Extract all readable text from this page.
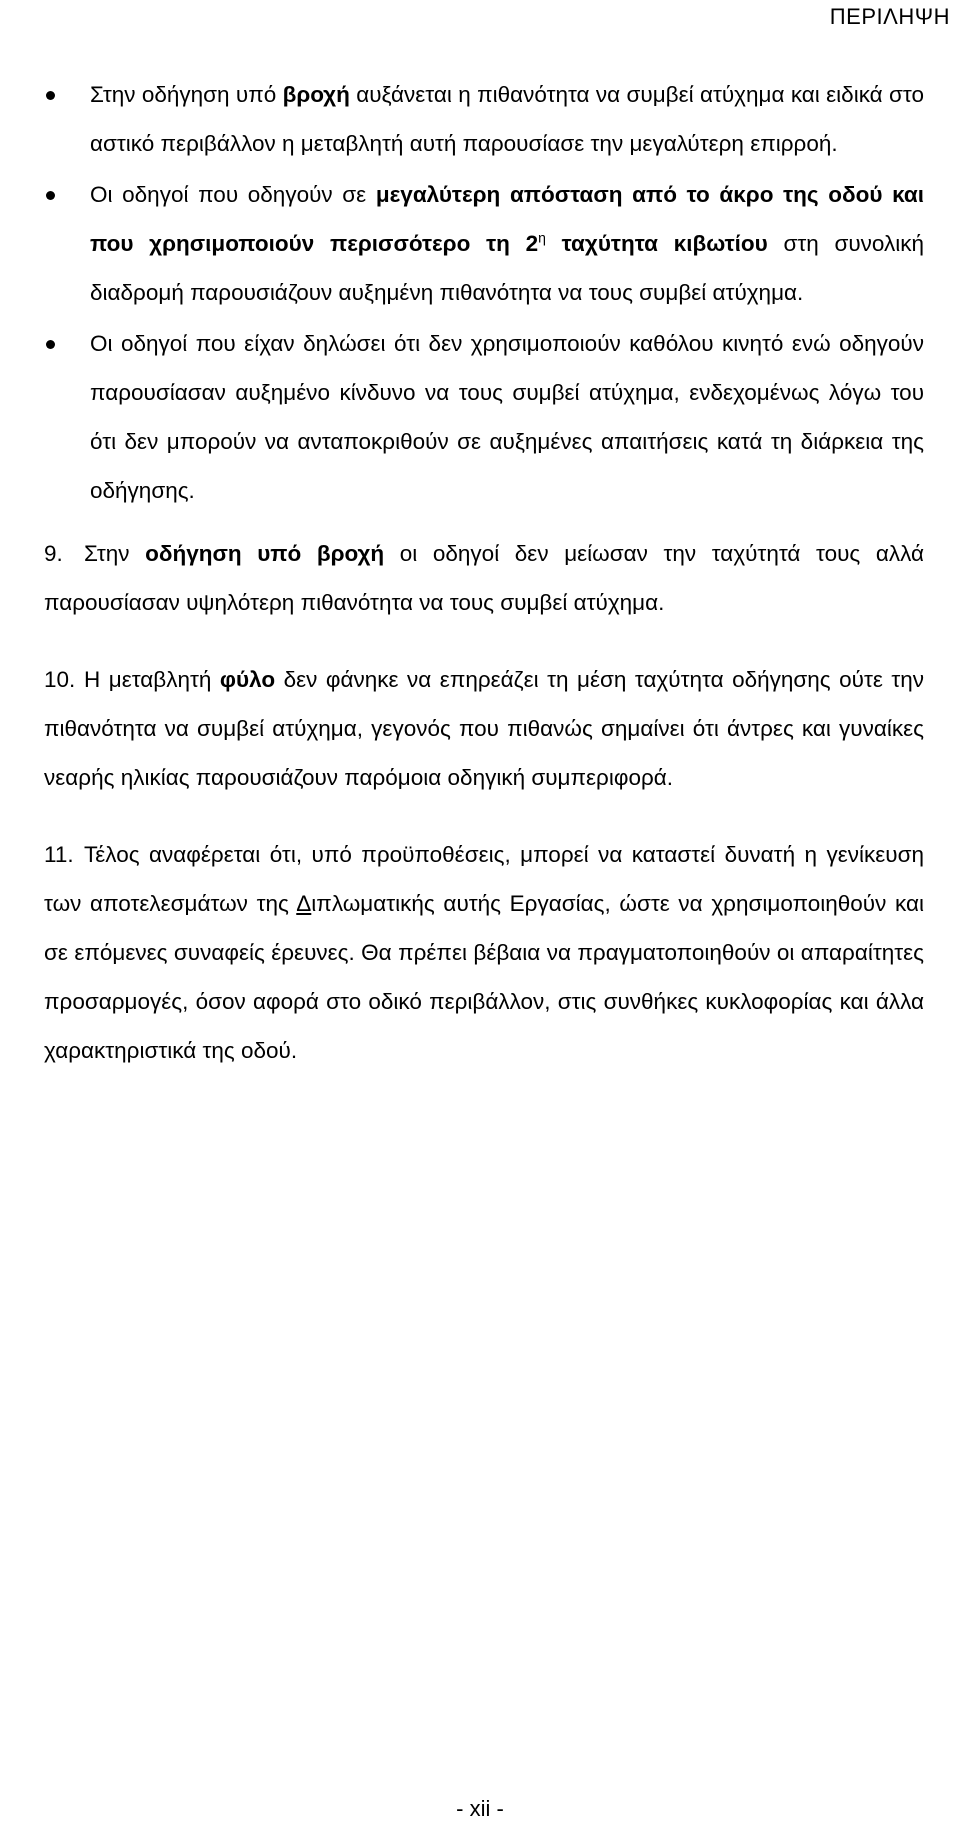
ΠΕΡΙΛΗΨΗ
Στην οδήγηση υπό βροχή αυξάνεται η πιθανότητα να συμβεί ατύχημα και ειδικά στο αστικό περιβάλλον η μεταβλητή αυτή παρουσίασε την μεγαλύτερη επιρροή.
Οι οδηγοί που οδηγούν σε μεγαλύτερη απόσταση από το άκρο της οδού και που χρησιμοποιούν περισσότερο τη $2^\eta$ ταχύτητα κιβωτίου στη συνολική διαδρομή παρουσιάζουν αυξημένη πιθανότητα να τους συμβεί ατύχημα.
Οι οδηγοί που είχαν δηλώσει ότι δεν χρησιμοποιούν καθόλου κινητό ενώ οδηγούν παρουσίασαν αυξημένο κίνδυνο να τους συμβεί ατύχημα, ενδεχομένως λόγω του ότι δεν μπορούν να ανταποκριθούν σε αυξημένες απαιτήσεις κατά τη διάρκεια της οδήγησης.
9. Στην οδήγηση υπό βροχή οι οδηγοί δεν μείωσαν την ταχύτητά τους αλλά παρουσίασαν υψηλότερη πιθανότητα να τους συμβεί ατύχημα.
10. Η μεταβλητή φύλο δεν φάνηκε να επηρεάζει τη μέση ταχύτητα οδήγησης ούτε την πιθανότητα να συμβεί ατύχημα, γεγονός που πιθανώς σημαίνει ότι άντρες και γυναίκες νεαρής ηλικίας παρουσιάζουν παρόμοια οδηγική συμπεριφορά.
11. Τέλος αναφέρεται ότι, υπό προϋποθέσεις, μπορεί να καταστεί δυνατή η γενίκευση των αποτελεσμάτων της Διπλωματικής αυτής Εργασίας, ώστε να χρησιμοποιηθούν και σε επόμενες συναφείς έρευνες. Θα πρέπει βέβαια να πραγματοποιηθούν οι απαραίτητες προσαρμογές, όσον αφορά στο οδικό περιβάλλον, στις συνθήκες κυκλοφορίας και άλλα χαρακτηριστικά της οδού.
- xii -
